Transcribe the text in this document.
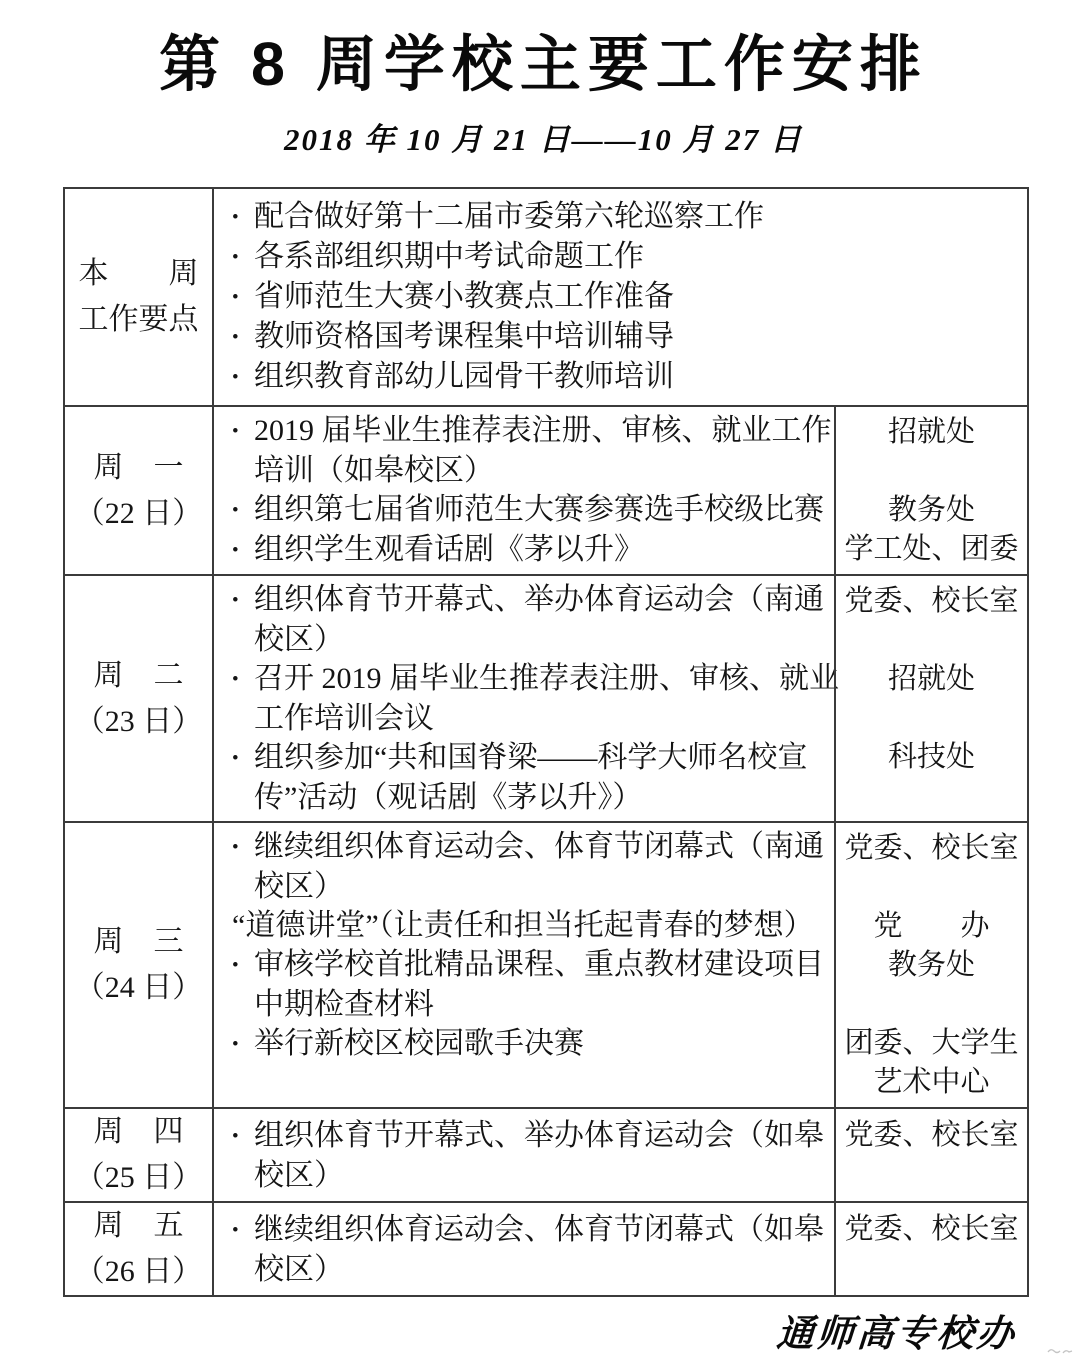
第 8 周学校主要工作安排
2018 年 10 月 21 日——10 月 27 日
本　　周
工作要点
• 配合做好第十二届市委第六轮巡察工作
• 各系部组织期中考试命题工作
• 省师范生大赛小教赛点工作准备
• 教师资格国考课程集中培训辅导
• 组织教育部幼儿园骨干教师培训
周　一
（22 日）
• 2019 届毕业生推荐表注册、审核、就业工作
培训（如皋校区）
• 组织第七届省师范生大赛参赛选手校级比赛
• 组织学生观看话剧《茅以升》
招就处
教务处
学工处、团委
周　二
（23 日）
• 组织体育节开幕式、举办体育运动会（南通
校区）
• 召开 2019 届毕业生推荐表注册、审核、就业
工作培训会议
• 组织参加“共和国脊梁——科学大师名校宣
传”活动（观话剧《茅以升》）
党委、校长室
招就处
科技处
周　三
（24 日）
• 继续组织体育运动会、体育节闭幕式（南通
校区）
“道德讲堂”（让责任和担当托起青春的梦想）
• 审核学校首批精品课程、重点教材建设项目
中期检查材料
• 举行新校区校园歌手决赛
党委、校长室
党　　办
教务处
团委、大学生
艺术中心
周　四
（25 日）
• 组织体育节开幕式、举办体育运动会（如皋
校区）
党委、校长室
周　五
（26 日）
• 继续组织体育运动会、体育节闭幕式（如皋
校区）
党委、校长室
通师高专校办
